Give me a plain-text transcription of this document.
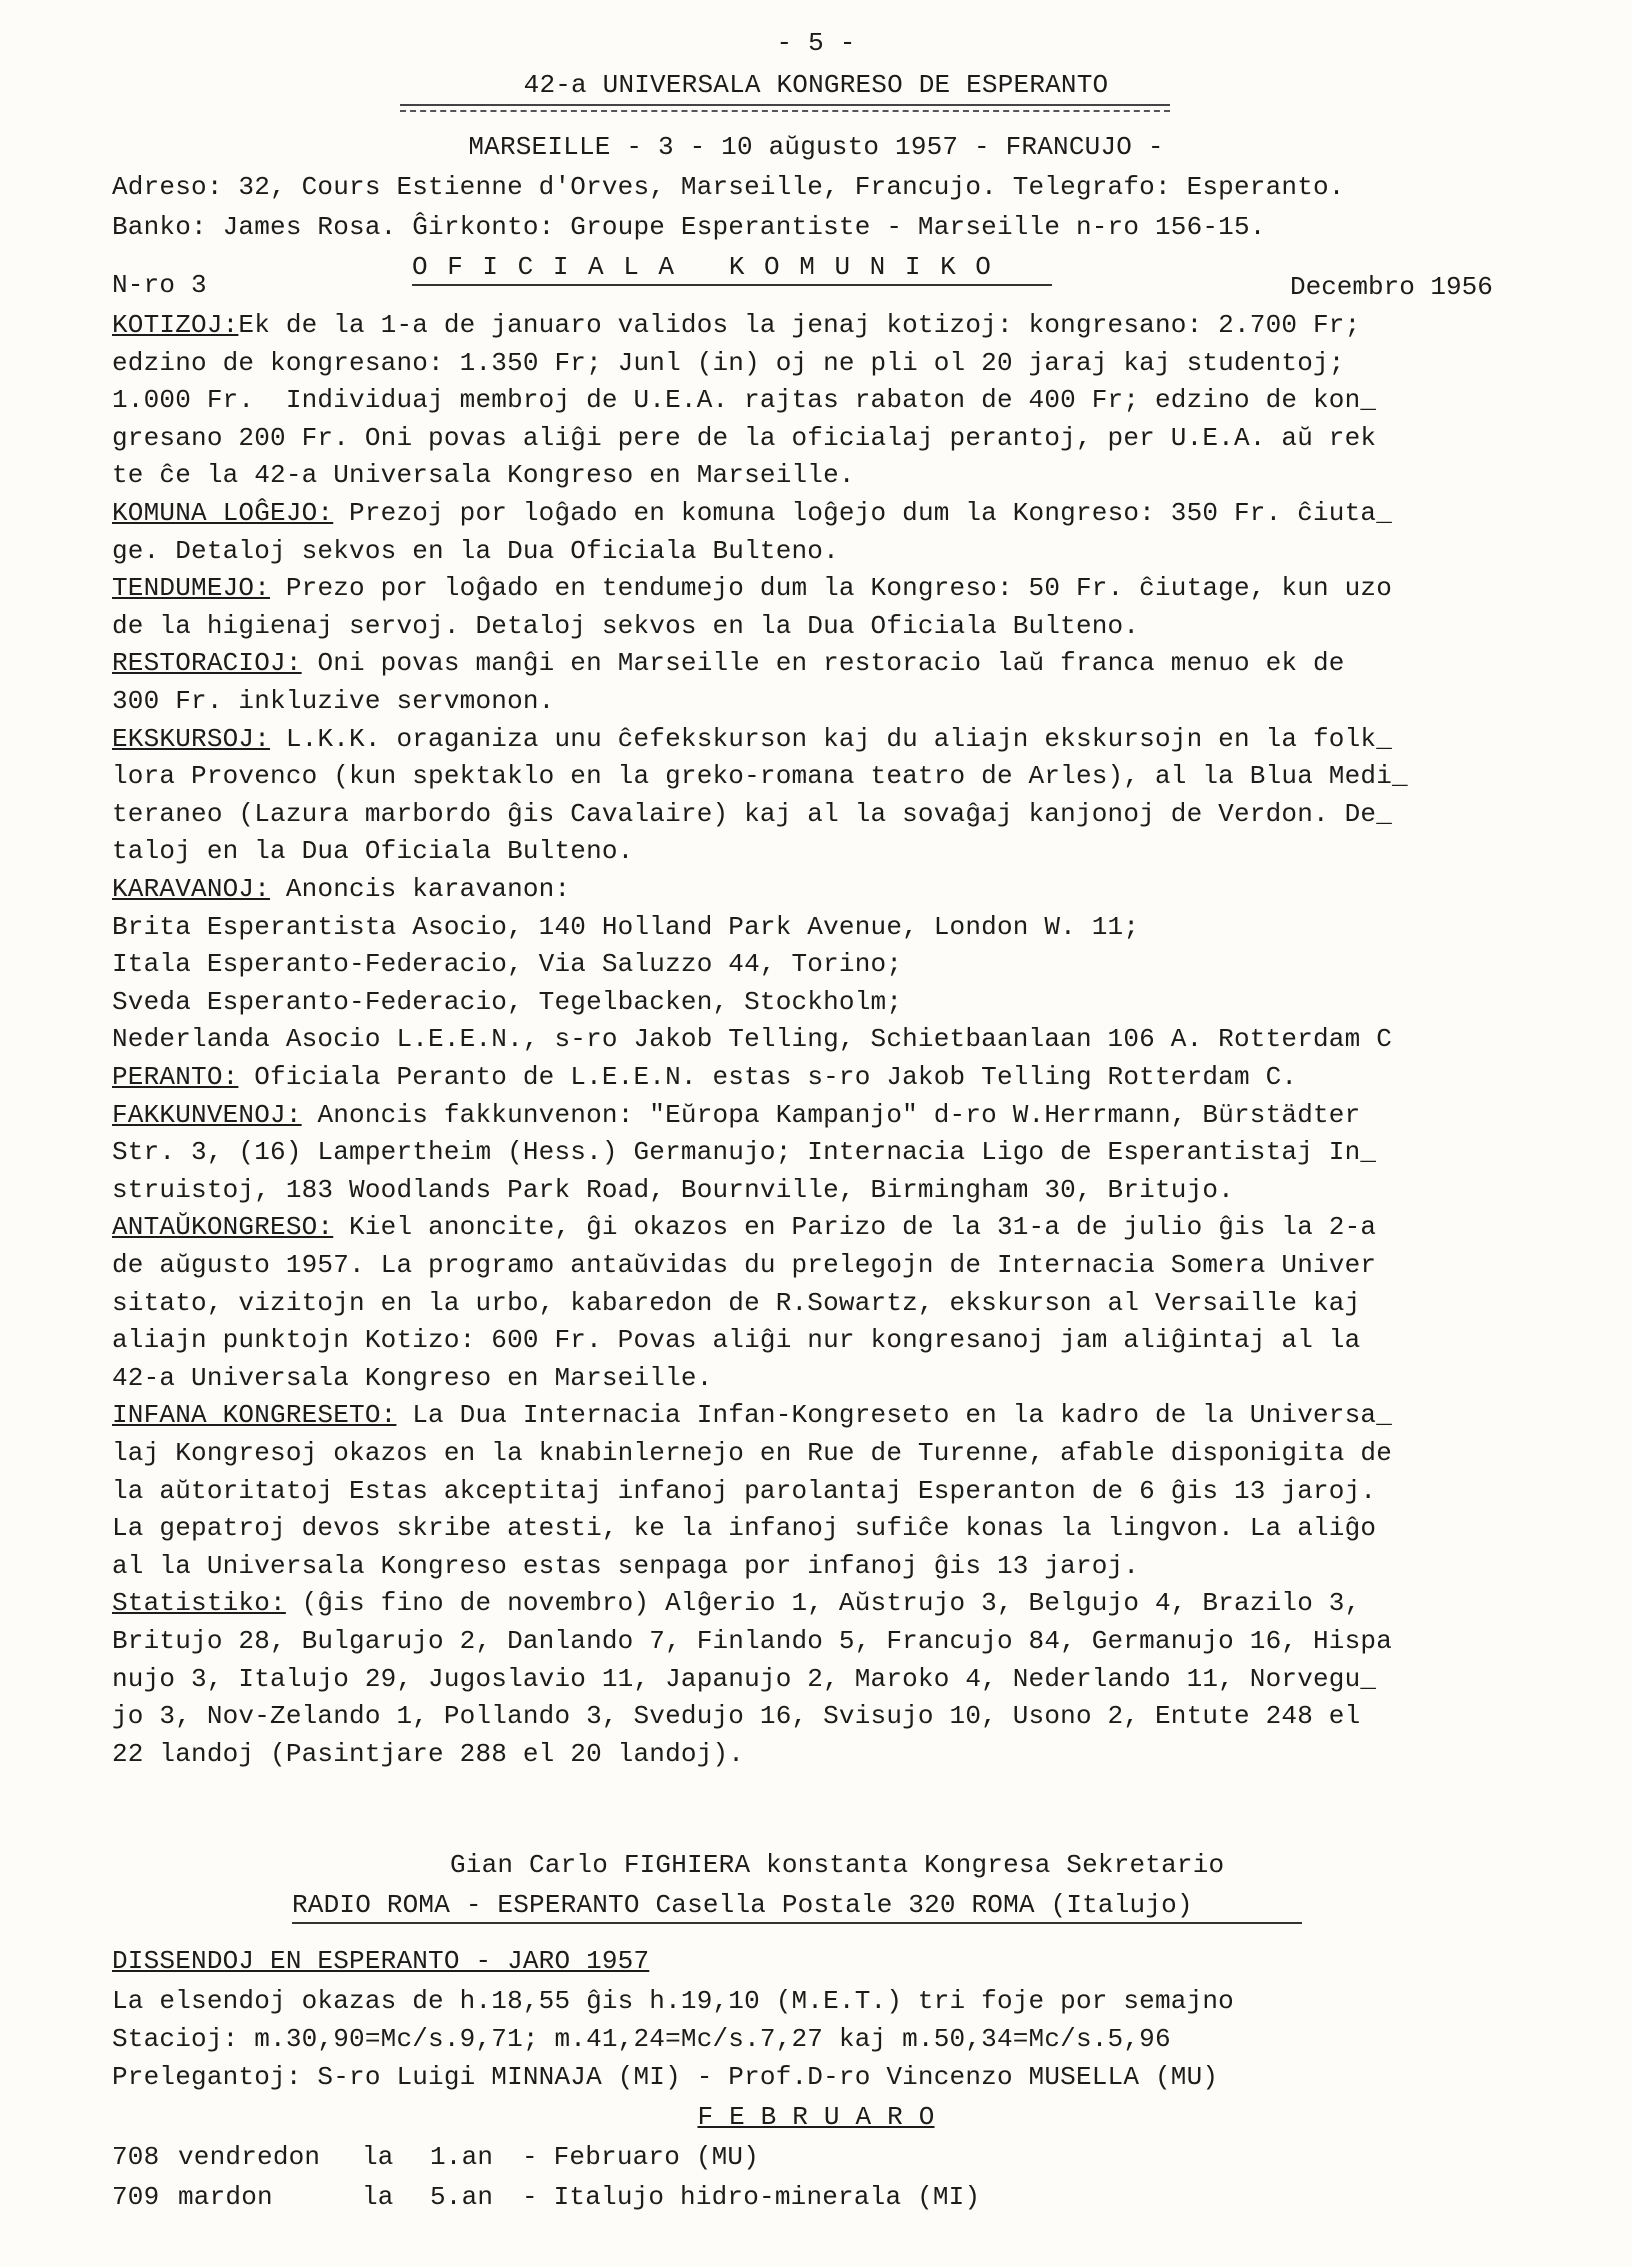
- 5 -
42-a UNIVERSALA KONGRESO DE ESPERANTO
MARSEILLE - 3 - 10 aŭgusto 1957 - FRANCUJO -
Adreso: 32, Cours Estienne d'Orves, Marseille, Francujo. Telegrafo: Esperanto.
Banko: James Rosa. Ĝirkonto: Groupe Esperantiste - Marseille n-ro 156-15.
N-ro 3
O F I C I A L A   K O M U N I K O
Decembro 1956
KOTIZOJ:Ek de la 1-a de januaro validos la jenaj kotizoj: kongresano: 2.700 Fr;
edzino de kongresano: 1.350 Fr; Junl (in) oj ne pli ol 20 jaraj kaj studentoj;
1.000 Fr.  Individuaj membroj de U.E.A. rajtas rabaton de 400 Fr; edzino de kon_
gresano 200 Fr. Oni povas aliĝi pere de la oficialaj perantoj, per U.E.A. aŭ rek
te ĉe la 42-a Universala Kongreso en Marseille.
KOMUNA LOĜEJO: Prezoj por loĝado en komuna loĝejo dum la Kongreso: 350 Fr. ĉiuta_
ge. Detaloj sekvos en la Dua Oficiala Bulteno.
TENDUMEJO: Prezo por loĝado en tendumejo dum la Kongreso: 50 Fr. ĉiutage, kun uzo
de la higienaj servoj. Detaloj sekvos en la Dua Oficiala Bulteno.
RESTORACIOJ: Oni povas manĝi en Marseille en restoracio laŭ franca menuo ek de
300 Fr. inkluzive servmonon.
EKSKURSOJ: L.K.K. oraganiza unu ĉefekskurson kaj du aliajn ekskursojn en la folk_
lora Provenco (kun spektaklo en la greko-romana teatro de Arles), al la Blua Medi_
teraneo (Lazura marbordo ĝis Cavalaire) kaj al la sovaĝaj kanjonoj de Verdon. De_
taloj en la Dua Oficiala Bulteno.
KARAVANOJ: Anoncis karavanon:
Brita Esperantista Asocio, 140 Holland Park Avenue, London W. 11;
Itala Esperanto-Federacio, Via Saluzzo 44, Torino;
Sveda Esperanto-Federacio, Tegelbacken, Stockholm;
Nederlanda Asocio L.E.E.N., s-ro Jakob Telling, Schietbaanlaan 106 A. Rotterdam C
PERANTO: Oficiala Peranto de L.E.E.N. estas s-ro Jakob Telling Rotterdam C.
FAKKUNVENOJ: Anoncis fakkunvenon: "Eŭropa Kampanjo" d-ro W.Herrmann, Bürstädter
Str. 3, (16) Lampertheim (Hess.) Germanujo; Internacia Ligo de Esperantistaj In_
struistoj, 183 Woodlands Park Road, Bournville, Birmingham 30, Britujo.
ANTAŬKONGRESO: Kiel anoncite, ĝi okazos en Parizo de la 31-a de julio ĝis la 2-a
de aŭgusto 1957. La programo antaŭvidas du prelegojn de Internacia Somera Univer
sitato, vizitojn en la urbo, kabaredon de R.Sowartz, ekskurson al Versaille kaj
aliajn punktojn Kotizo: 600 Fr. Povas aliĝi nur kongresanoj jam aliĝintaj al la
42-a Universala Kongreso en Marseille.
INFANA KONGRESETO: La Dua Internacia Infan-Kongreseto en la kadro de la Universa_
laj Kongresoj okazos en la knabinlernejo en Rue de Turenne, afable disponigita de
la aŭtoritatoj Estas akceptitaj infanoj parolantaj Esperanton de 6 ĝis 13 jaroj.
La gepatroj devos skribe atesti, ke la infanoj sufiĉe konas la lingvon. La aliĝo
al la Universala Kongreso estas senpaga por infanoj ĝis 13 jaroj.
Statistiko: (ĝis fino de novembro) Alĝerio 1, Aŭstrujo 3, Belgujo 4, Brazilo 3,
Britujo 28, Bulgarujo 2, Danlando 7, Finlando 5, Francujo 84, Germanujo 16, Hispa
nujo 3, Italujo 29, Jugoslavio 11, Japanujo 2, Maroko 4, Nederlando 11, Norvegu_
jo 3, Nov-Zelando 1, Pollando 3, Svedujo 16, Svisujo 10, Usono 2, Entute 248 el
22 landoj (Pasintjare 288 el 20 landoj).
Gian Carlo FIGHIERA konstanta Kongresa Sekretario
RADIO ROMA - ESPERANTO Casella Postale 320 ROMA (Italujo)
DISSENDOJ EN ESPERANTO - JARO 1957
La elsendoj okazas de h.18,55 ĝis h.19,10 (M.E.T.) tri foje por semajno
Stacioj: m.30,90=Mc/s.9,71; m.41,24=Mc/s.7,27 kaj m.50,34=Mc/s.5,96
Prelegantoj: S-ro Luigi MINNAJA (MI) - Prof.D-ro Vincenzo MUSELLA (MU)
F E B R U A R O
708 vendredon la 1.an - Februaro (MU)
709 mardon	la 5.an - Italujo hidro-minerala (MI)
